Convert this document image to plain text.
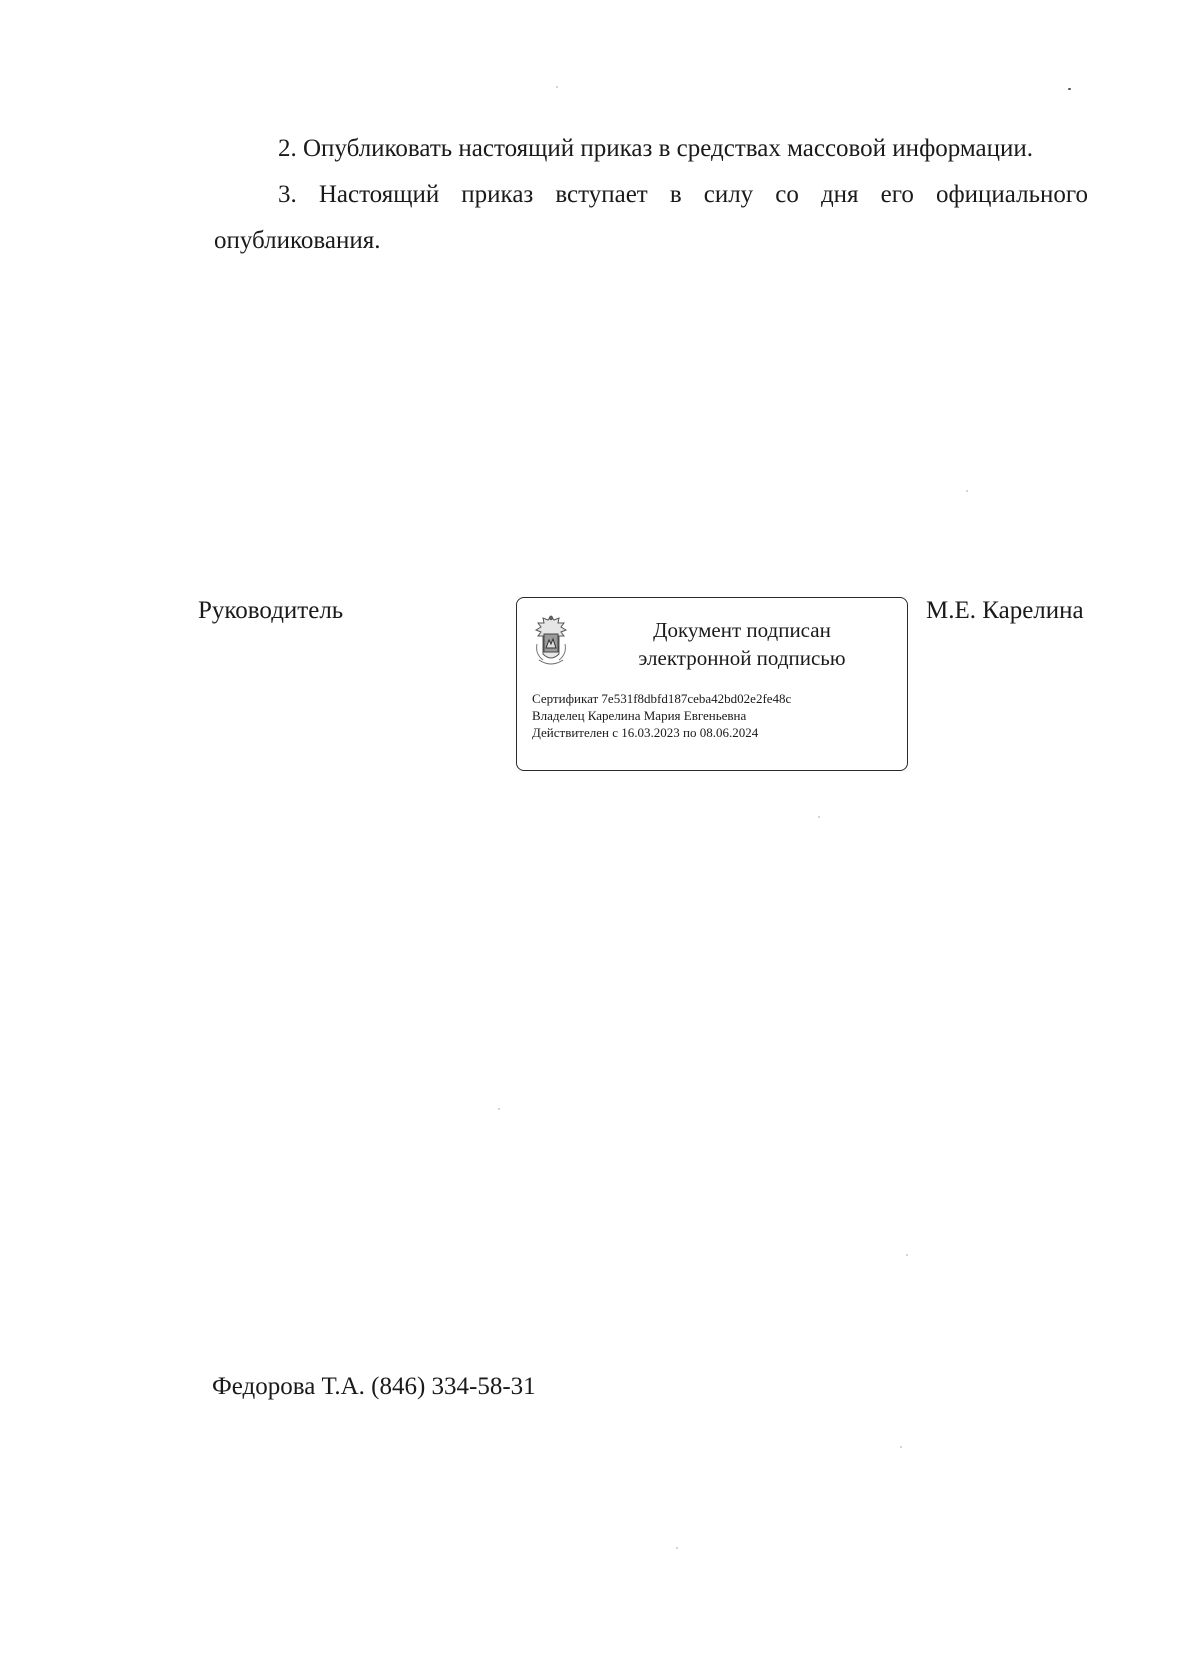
2. Опубликовать настоящий приказ в средствах массовой информации.

3. Настоящий приказ вступает в силу со дня его официального опубликования.

Руководитель
Документ подписан
электронной подписью
Сертификат 7e531f8dbfd187ceba42bd02e2fe48c
Владелец Карелина Мария Евгеньевна
Действителен с 16.03.2023 по 08.06.2024
М.Е. Карелина
Федорова Т.А. (846) 334-58-31
